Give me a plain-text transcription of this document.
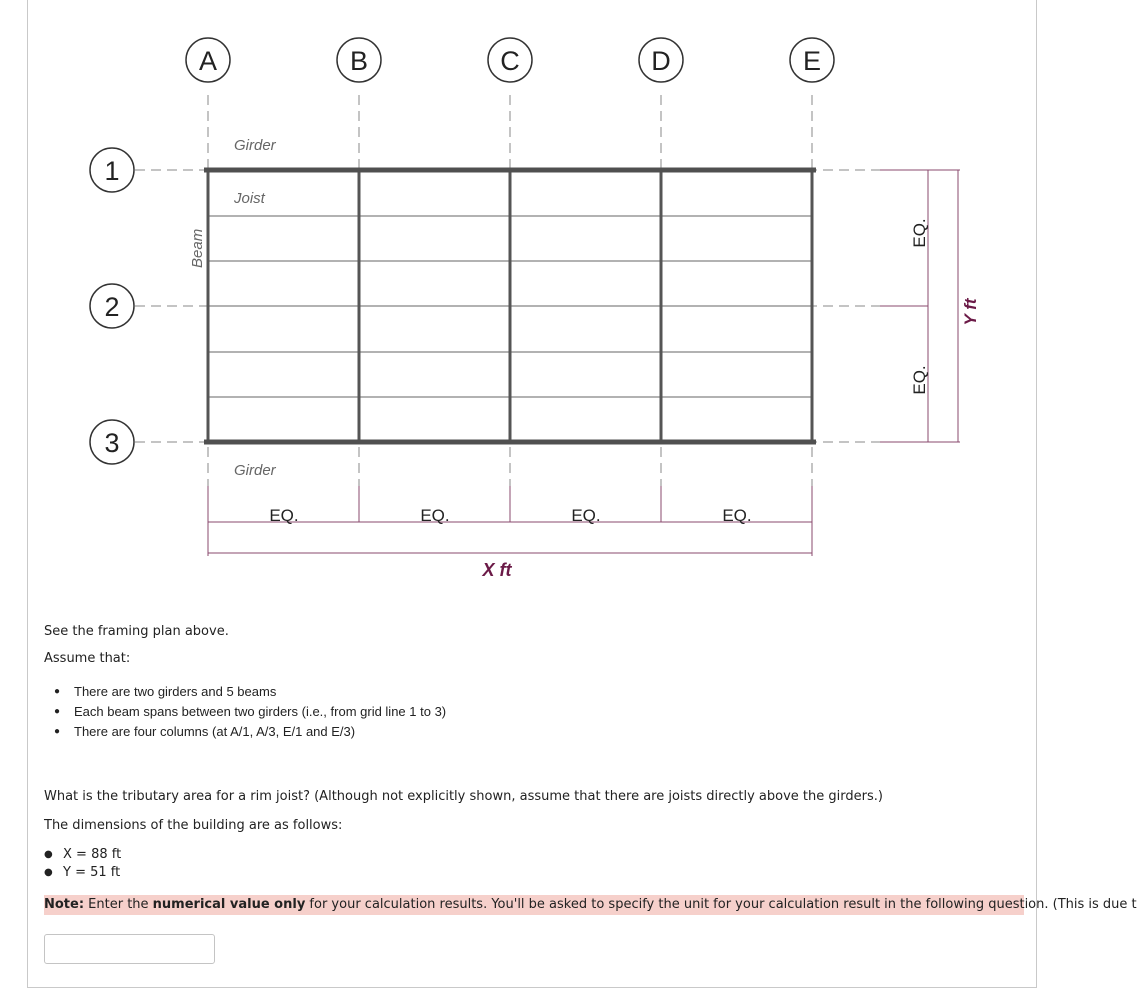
A	B	C	D	E
1
2
3
Girder
Joist
Girder
Beam
EQ.	EQ.	EQ.	EQ.
X ft
EQ.
EQ.
Y ft
See the framing plan above.
Assume that:
● There are two girders and 5 beams
● Each beam spans between two girders (i.e., from grid line 1 to 3)
● There are four columns (at A/1, A/3, E/1 and E/3)
What is the tributary area for a rim joist? (Although not explicitly shown, assume that there are joists directly above the girders.)
The dimensions of the building are as follows:
● X = 88 ft
● Y = 51 ft
Note: Enter the numerical value only for your calculation results. You'll be asked to specify the unit for your calculation result in the following question. (This is due t
